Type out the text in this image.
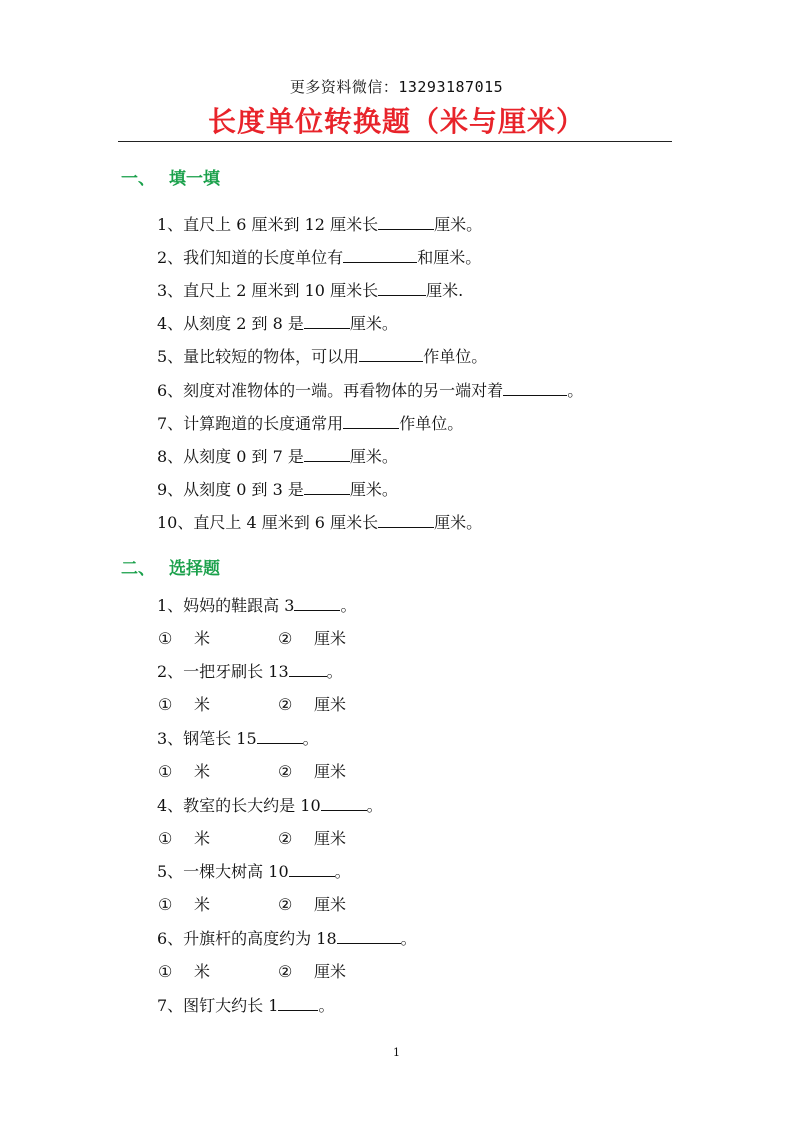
更多资料微信：13293187015
长度单位转换题（米与厘米）
一、 填一填
1、直尺上 6 厘米到 12 厘米长	厘米。
2、我们知道的长度单位有	和厘米。
3、直尺上 2 厘米到 10 厘米长	厘米.
4、从刻度 2 到 8 是	厘米。
5、量比较短的物体，可以用	作单位。
6、刻度对准物体的一端。再看物体的另一端对着	。
7、计算跑道的长度通常用	作单位。
8、从刻度 0 到 7 是	厘米。
9、从刻度 0 到 3 是	厘米。
10、直尺上 4 厘米到 6 厘米长	厘米。
二、 选择题
1、妈妈的鞋跟高 3	。
① 米	② 厘米
2、一把牙刷长 13 。
① 米	② 厘米
3、钢笔长 15	。
① 米	② 厘米
4、教室的长大约是 10	。
① 米	② 厘米
5、一棵大树高 10	。
① 米	② 厘米
6、升旗杆的高度约为 18	。
① 米	② 厘米
7、图钉大约长 1	。
1
